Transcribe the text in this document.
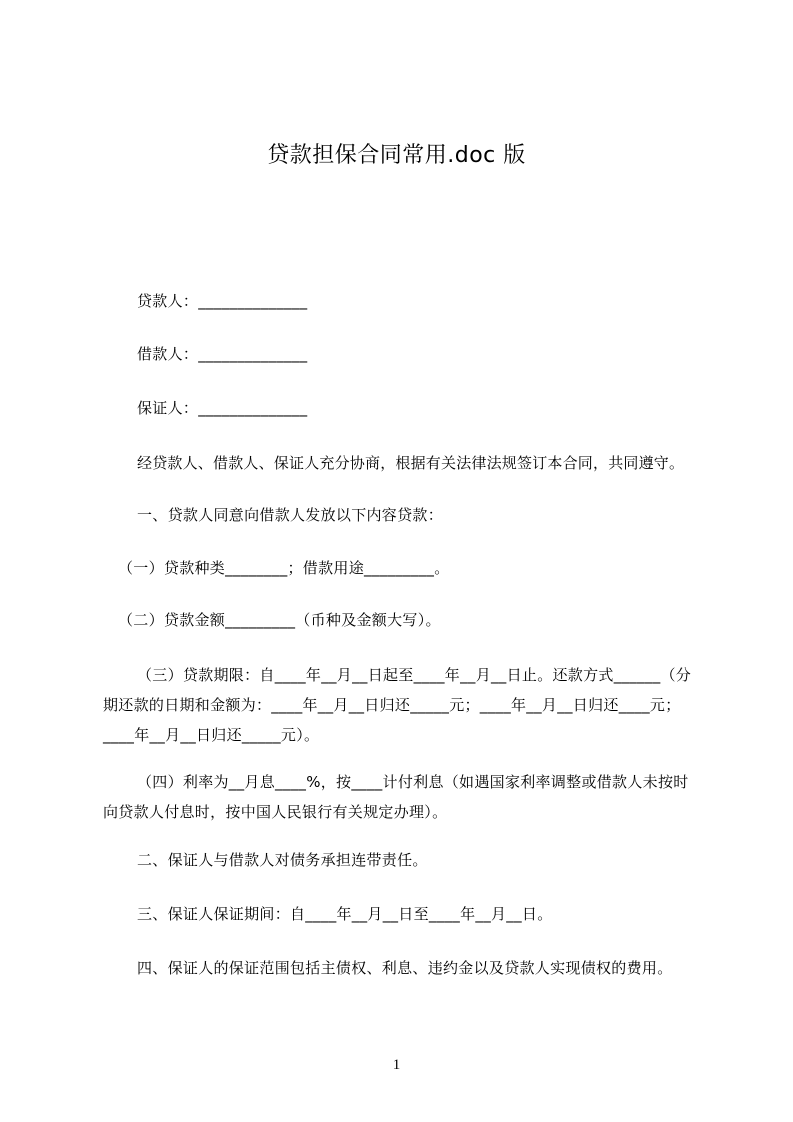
贷款担保合同常用.doc 版
贷款人：______________
借款人：______________
保证人：______________
经贷款人、借款人、保证人充分协商，根据有关法律法规签订本合同，共同遵守。
一、贷款人同意向借款人发放以下内容贷款：
（一）贷款种类________；借款用途_________。
（二）贷款金额_________（币种及金额大写）。
（三）贷款期限：自____年__月__日起至____年__月__日止。还款方式______（分期还款的日期和金额为：____年__月__日归还_____元；____年__月__日归还____元；____年__月__日归还_____元）。
（四）利率为__月息____%，按____计付利息（如遇国家利率调整或借款人未按时向贷款人付息时，按中国人民银行有关规定办理）。
二、保证人与借款人对债务承担连带责任。
三、保证人保证期间：自____年__月__日至____年__月__日。
四、保证人的保证范围包括主债权、利息、违约金以及贷款人实现债权的费用。
1
